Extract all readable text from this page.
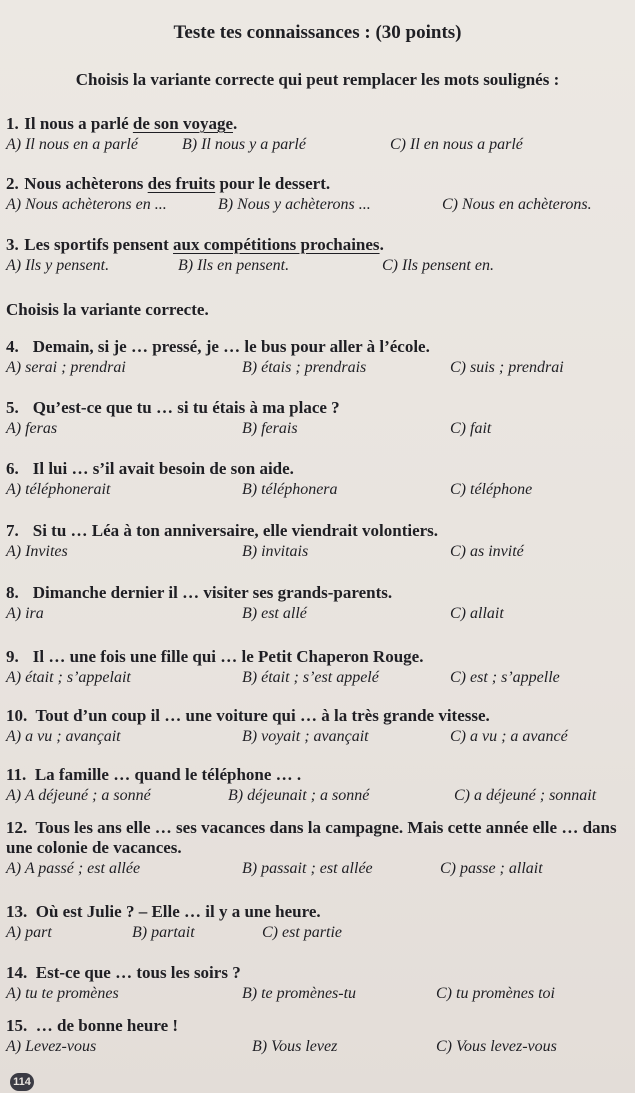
Teste tes connaissances : (30 points)
Choisis la variante correcte qui peut remplacer les mots soulignés :
1. Il nous a parlé de son voyage.
A) Il nous en a parlé	B) Il nous y a parlé	C) Il en nous a parlé
2. Nous achèterons des fruits pour le dessert.
A) Nous achèterons en ...	B) Nous y achèterons ...	C) Nous en achèterons.
3. Les sportifs pensent aux compétitions prochaines.
A) Ils y pensent.	B) Ils en pensent.	C) Ils pensent en.
Choisis la variante correcte.
4. Demain, si je … pressé, je … le bus pour aller à l’école.
A) serai ; prendrai	B) étais ; prendrais	C) suis ; prendrai
5. Qu’est-ce que tu … si tu étais à ma place ?
A) feras	B) ferais	C) fait
6. Il lui … s’il avait besoin de son aide.
A) téléphonerait	B) téléphonera	C) téléphone
7. Si tu … Léa à ton anniversaire, elle viendrait volontiers.
A) Invites	B) invitais	C) as invité
8. Dimanche dernier il … visiter ses grands-parents.
A) ira	B) est allé	C) allait
9. Il … une fois une fille qui … le Petit Chaperon Rouge.
A) était ; s’appelait	B) était ; s’est appelé	C) est ; s’appelle
10. Tout d’un coup il … une voiture qui … à la très grande vitesse.
A) a vu ; avançait	B) voyait ; avançait	C) a vu ; a avancé
11. La famille … quand le téléphone … .
A) A déjeuné ; a sonné	B) déjeunait ; a sonné	C) a déjeuné ; sonnait
12. Tous les ans elle … ses vacances dans la campagne. Mais cette année elle … dans une colonie de vacances.
A) A passé ; est allée	B) passait ; est allée	C) passe ; allait
13. Où est Julie ? – Elle … il y a une heure.
A) part	B) partait	C) est partie
14. Est-ce que … tous les soirs ?
A) tu te promènes	B) te promènes-tu	C) tu promènes toi
15. … de bonne heure !
A) Levez-vous	B) Vous levez	C) Vous levez-vous
114
